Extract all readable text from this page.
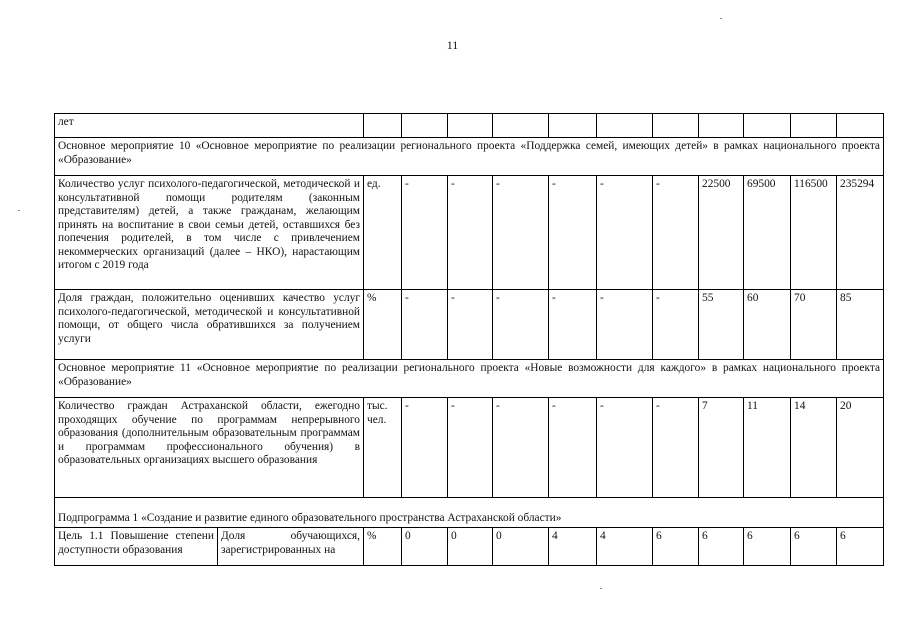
11
лет												
Основное мероприятие 10 «Основное мероприятие по реализации регионального проекта «Поддержка семей, имеющих детей» в рамках национального проекта «Образование»												
Количество услуг психолого-педагогической, методической и консультативной помощи родителям (законным представителям) детей, а также гражданам, желающим принять на воспитание в свои семьи детей, оставшихся без попечения родителей, в том числе с привлечением некоммерческих организаций (далее – НКО), нарастающим итогом с 2019 года		ед.	-	-	-	-	-	-	22500	69500	116500	235294
Доля граждан, положительно оценивших качество услуг психолого-педагогической, методической и консультативной помощи, от общего числа обратившихся за получением услуги		%	-	-	-	-	-	-	55	60	70	85
Основное мероприятие 11 «Основное мероприятие по реализации регионального проекта «Новые возможности для каждого» в рамках национального проекта «Образование»												
Количество граждан Астраханской области, ежегодно проходящих обучение по программам непрерывного образования (дополнительным образовательным программам и программам профессионального обучения) в образовательных организациях высшего образования		тыс. чел.	-	-	-	-	-	-	7	11	14	20
Подпрограмма 1 «Создание и развитие единого образовательного пространства Астраханской области»												
Цель 1.1 Повышение степени доступности образования	Доля обучающихся, зарегистрированных на	%	0	0	0	4	4	6	6	6	6	6
